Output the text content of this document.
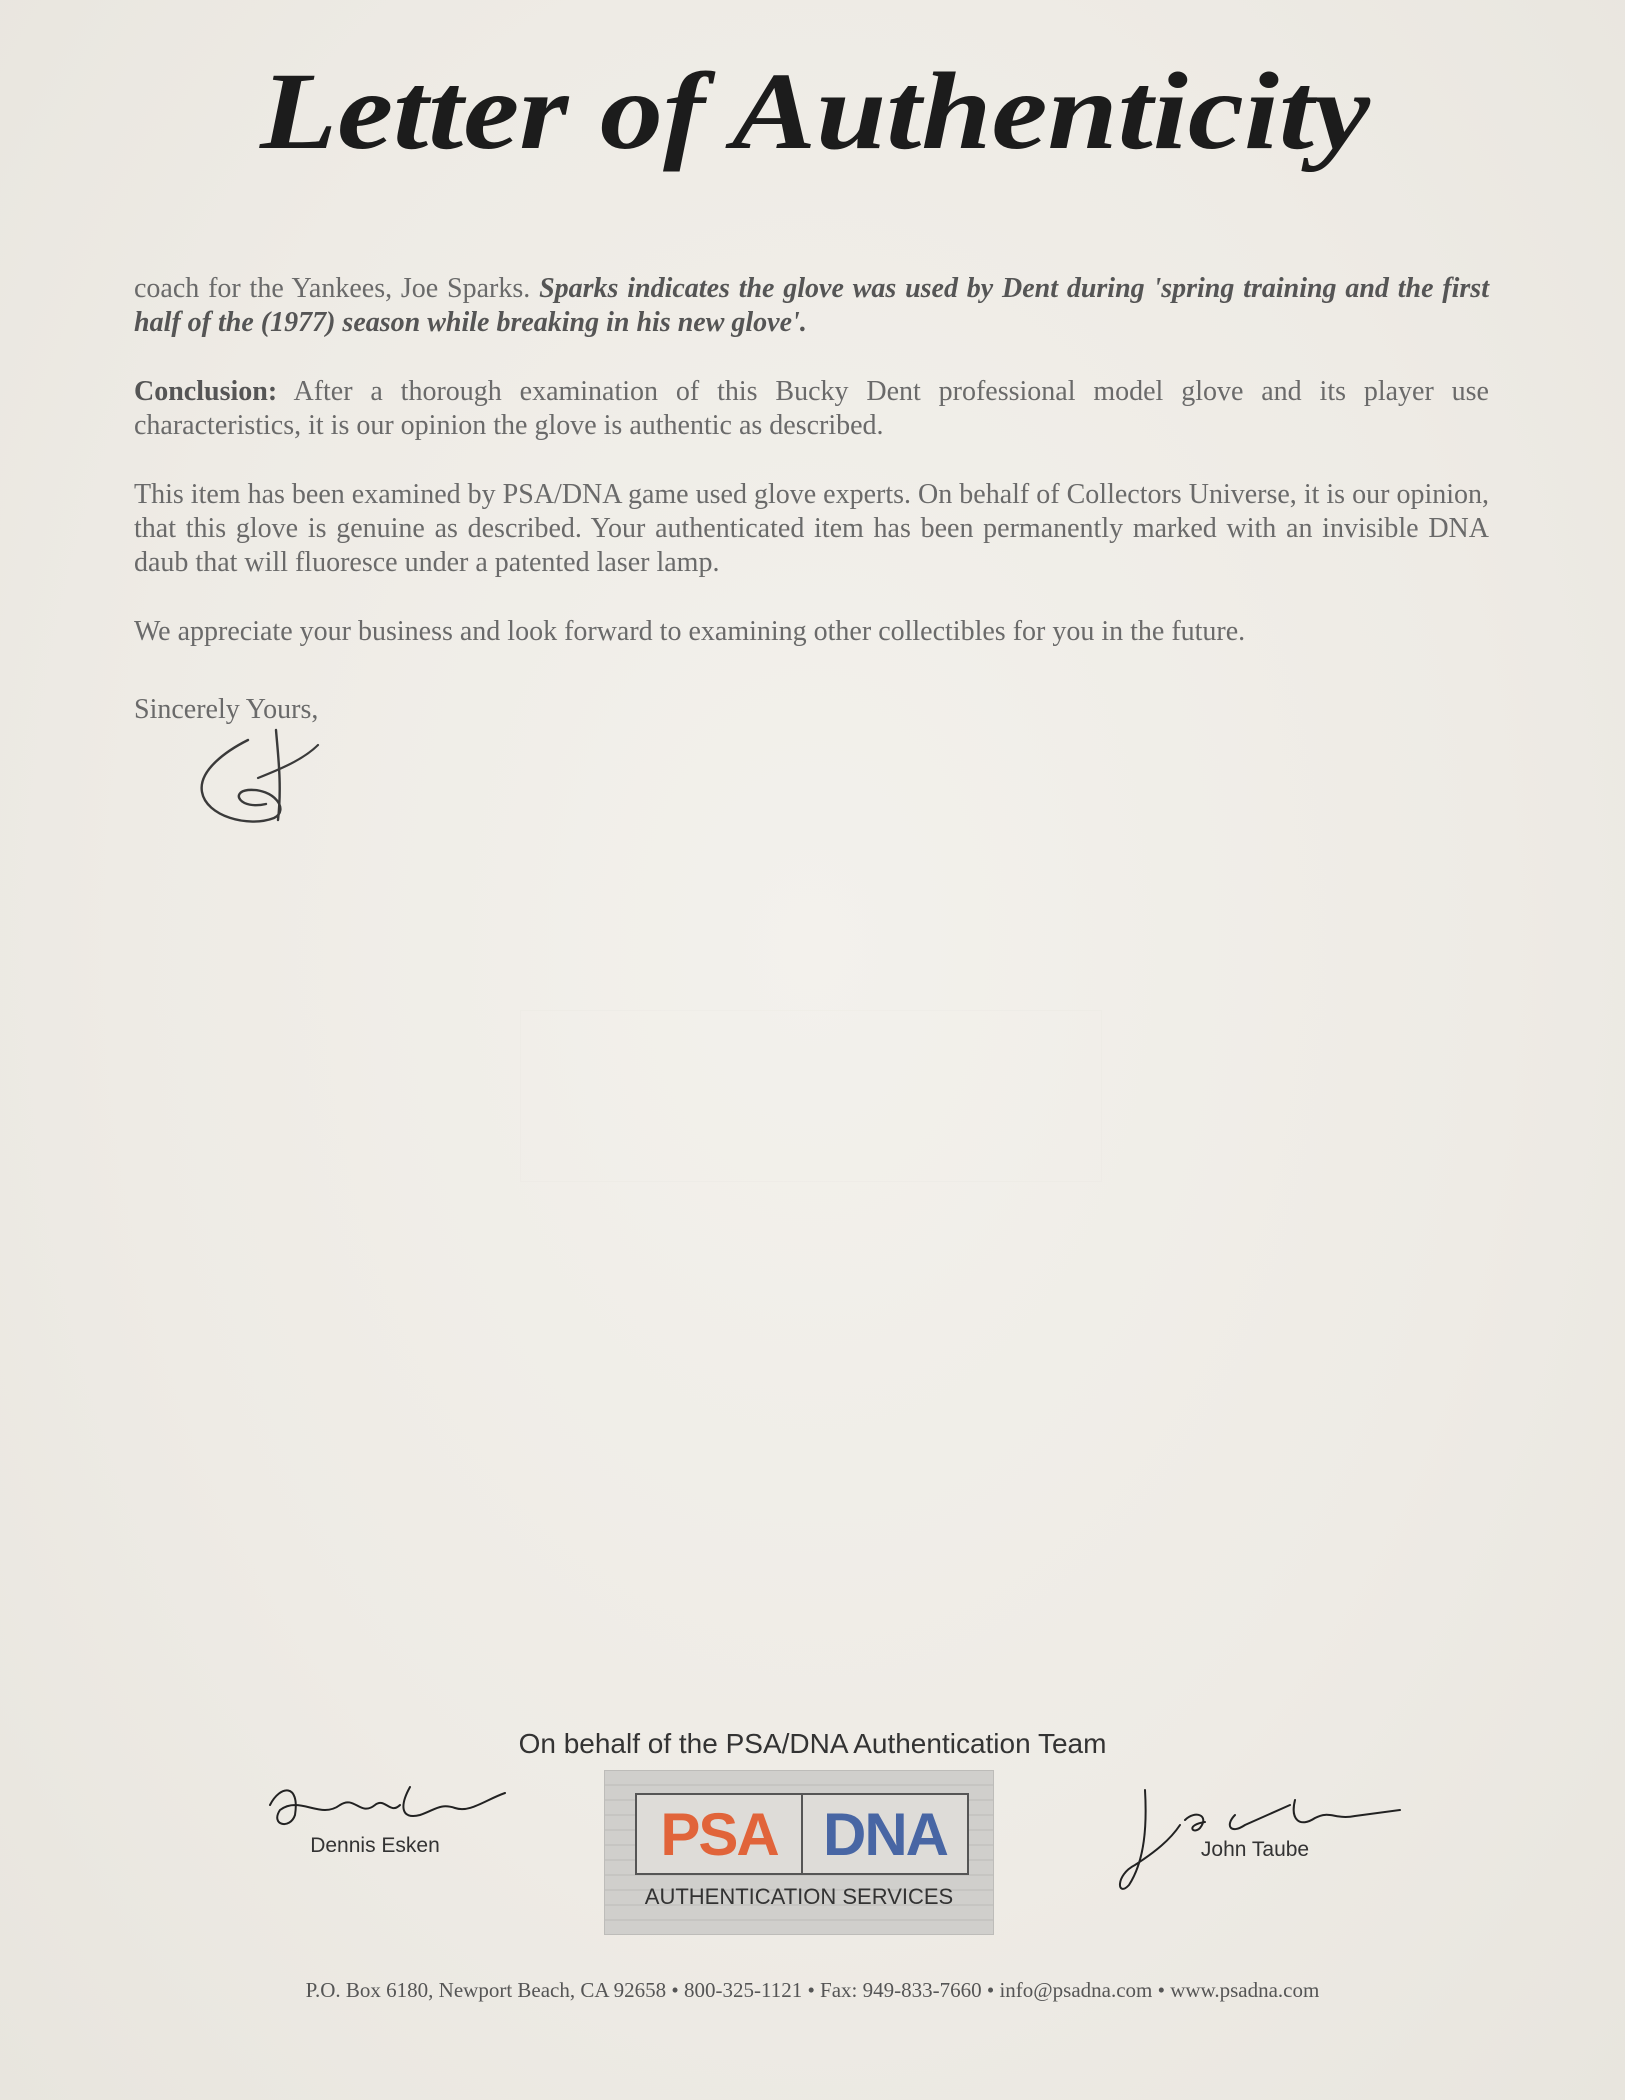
Letter of Authenticity

coach for the Yankees, Joe Sparks. Sparks indicates the glove was used by Dent during 'spring training and the first half of the (1977) season while breaking in his new glove'.

Conclusion: After a thorough examination of this Bucky Dent professional model glove and its player use characteristics, it is our opinion the glove is authentic as described.

This item has been examined by PSA/DNA game used glove experts. On behalf of Collectors Universe, it is our opinion, that this glove is genuine as described. Your authenticated item has been permanently marked with an invisible DNA daub that will fluoresce under a patented laser lamp.

We appreciate your business and look forward to examining other collectibles for you in the future.

Sincerely Yours,
On behalf of the PSA/DNA Authentication Team
Dennis Esken	PSA DNA
AUTHENTICATION SERVICES
John Taube
P.O. Box 6180, Newport Beach, CA 92658 • 800-325-1121 • Fax: 949-833-7660 • info@psadna.com • www.psadna.com
